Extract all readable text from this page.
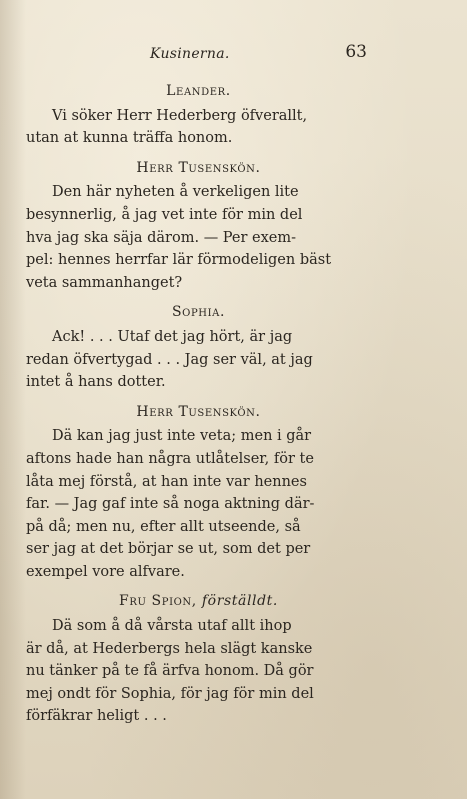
Kusinerna.	63
Leander.
Vi söker Herr Hederberg öfverallt,
utan at kunna träffa honom.
Herr Tusenskön.
Den här nyheten å verkeligen lite
besynnerlig, å jag vet inte för min del
hva jag ska säja därom. — Per exem-
pel: hennes herrfar lär förmodeligen bäst
veta sammanhanget?
Sophia.
Ack! . . . Utaf det jag hört, är jag
redan öfvertygad . . . Jag ser väl, at jag
intet å hans dotter.
Herr Tusenskön.
Dä kan jag just inte veta; men i går
aftons hade han några utlåtelser, för te
låta mej förstå, at han inte var hennes
far. — Jag gaf inte så noga aktning där-
på då; men nu, efter allt utseende, så
ser jag at det börjar se ut, som det per
exempel vore alfvare.
Fru Spion, förställdt.
Dä som å då vårsta utaf allt ihop
är då, at Hederbergs hela slägt kanske
nu tänker på te få ärfva honom. Då gör
mej ondt för Sophia, för jag för min del
förfäkrar heligt . . .
